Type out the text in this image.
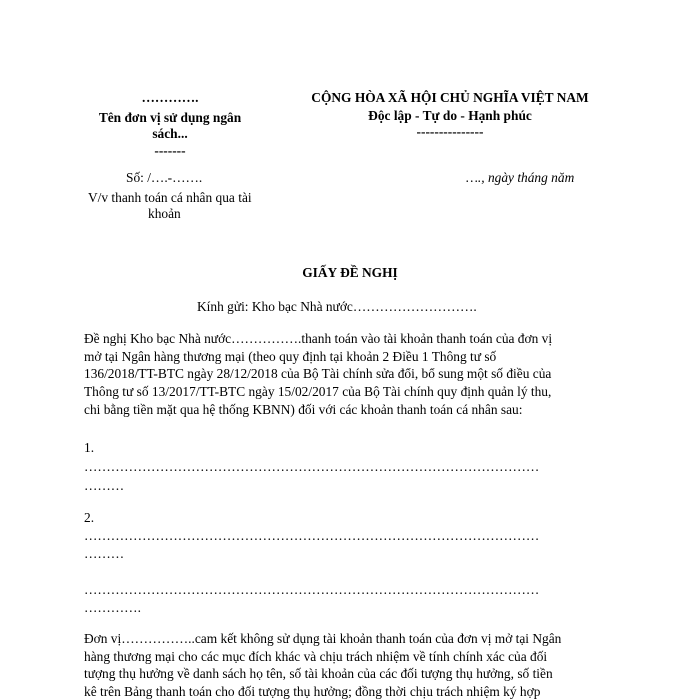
………….
Tên đơn vị sử dụng ngân
sách...
-------
CỘNG HÒA XÃ HỘI CHỦ NGHĨA VIỆT NAM
Độc lập - Tự do - Hạnh phúc
---------------
Số: /….-…….
V/v thanh toán cá nhân qua tài
khoản
…., ngày tháng năm
GIẤY ĐỀ NGHỊ
Kính gửi: Kho bạc Nhà nước……………………….
Đề nghị Kho bạc Nhà nước…………….thanh toán vào tài khoản thanh toán của đơn vị
mở tại Ngân hàng thương mại (theo quy định tại khoản 2 Điều 1 Thông tư số
136/2018/TT-BTC ngày 28/12/2018 của Bộ Tài chính sửa đổi, bổ sung một số điều của
Thông tư số 13/2017/TT-BTC ngày 15/02/2017 của Bộ Tài chính quy định quản lý thu,
chi bằng tiền mặt qua hệ thống KBNN) đối với các khoản thanh toán cá nhân sau:
1.
…………………………………………………………………………………………
………
2.
…………………………………………………………………………………………
………
…………………………………………………………………………………………
………….
Đơn vị……………..cam kết không sử dụng tài khoản thanh toán của đơn vị mở tại Ngân
hàng thương mại cho các mục đích khác và chịu trách nhiệm về tính chính xác của đối
tượng thụ hưởng về danh sách họ tên, số tài khoản của các đối tượng thụ hưởng, số tiền
kê trên Bảng thanh toán cho đối tượng thụ hưởng; đồng thời chịu trách nhiệm ký hợp
